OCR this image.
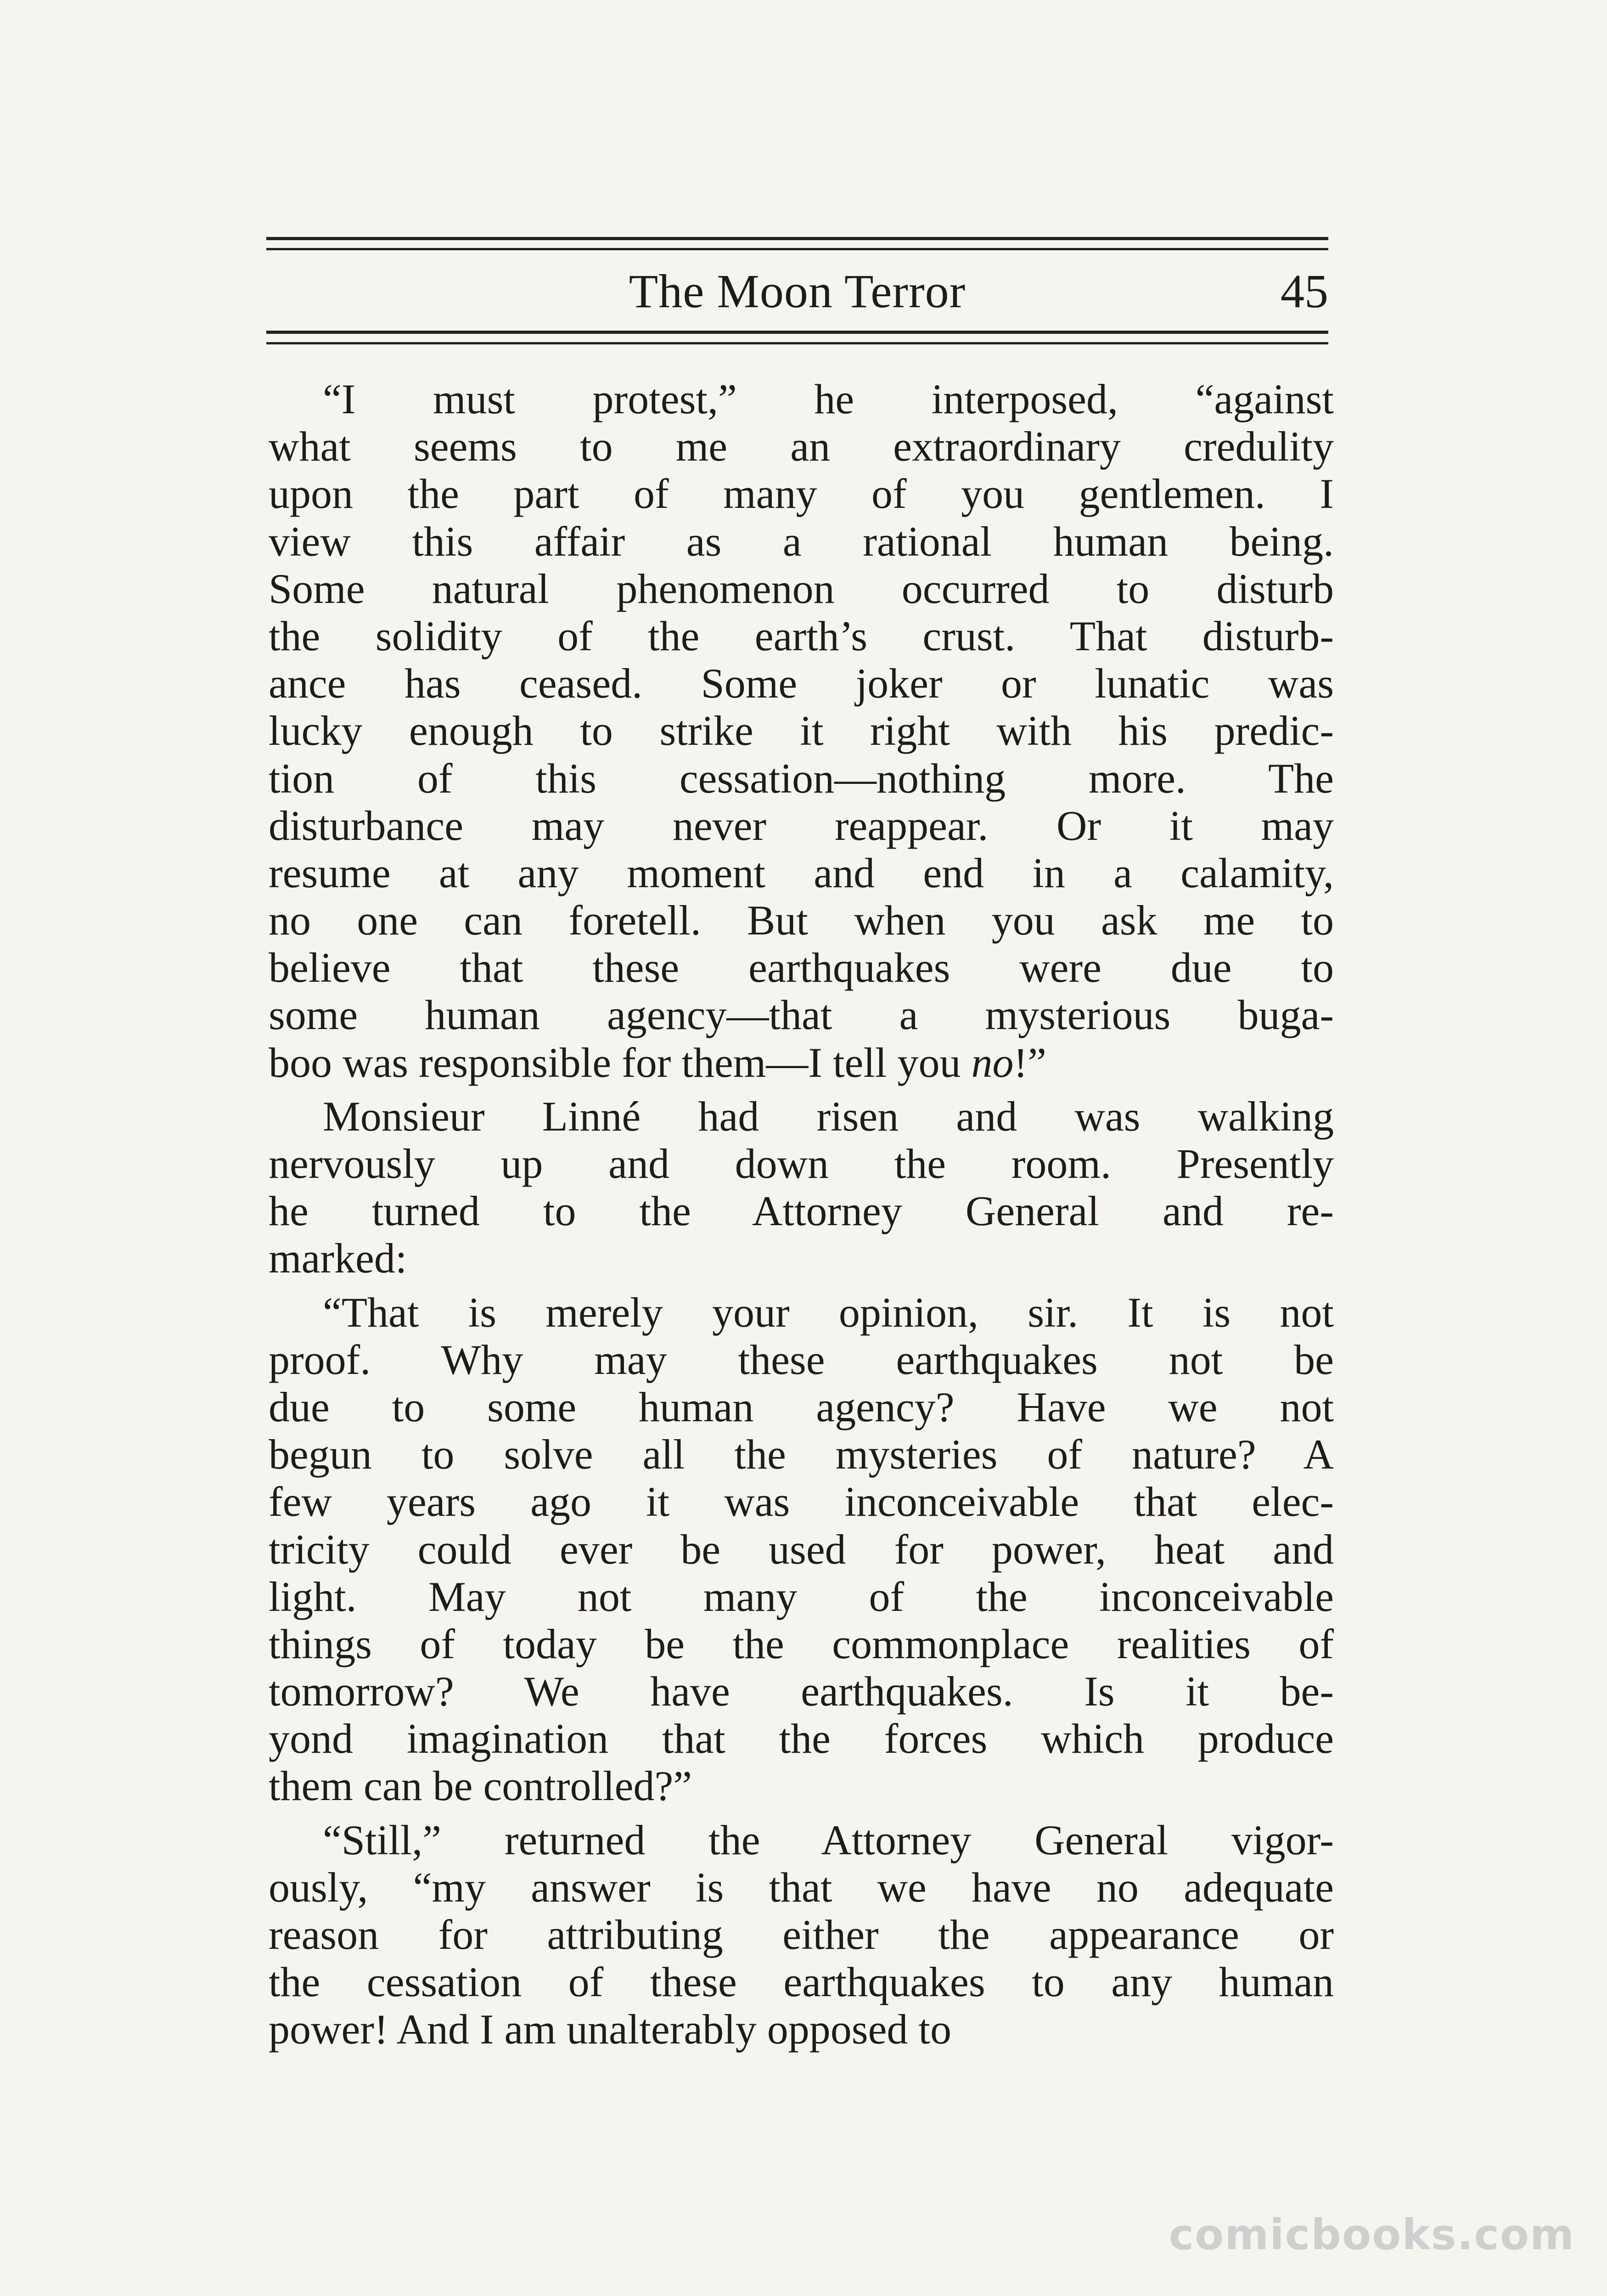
The Moon Terror	45
“I must protest,” he interposed, “against
what seems to me an extraordinary credulity
upon the part of many of you gentlemen. I
view this affair as a rational human being.
Some natural phenomenon occurred to disturb
the solidity of the earth’s crust. That disturb-
ance has ceased. Some joker or lunatic was
lucky enough to strike it right with his predic-
tion of this cessation—nothing more. The
disturbance may never reappear. Or it may
resume at any moment and end in a calamity,
no one can foretell. But when you ask me to
believe that these earthquakes were due to
some human agency—that a mysterious buga-
boo was responsible for them—I tell you no!”
Monsieur Linné had risen and was walking
nervously up and down the room. Presently
he turned to the Attorney General and re-
marked:
“That is merely your opinion, sir. It is not
proof. Why may these earthquakes not be
due to some human agency? Have we not
begun to solve all the mysteries of nature? A
few years ago it was inconceivable that elec-
tricity could ever be used for power, heat and
light. May not many of the inconceivable
things of today be the commonplace realities of
tomorrow? We have earthquakes. Is it be-
yond imagination that the forces which produce
them can be controlled?”
“Still,” returned the Attorney General vigor-
ously, “my answer is that we have no adequate
reason for attributing either the appearance or
the cessation of these earthquakes to any human
power! And I am unalterably opposed to
comicbooks.com
